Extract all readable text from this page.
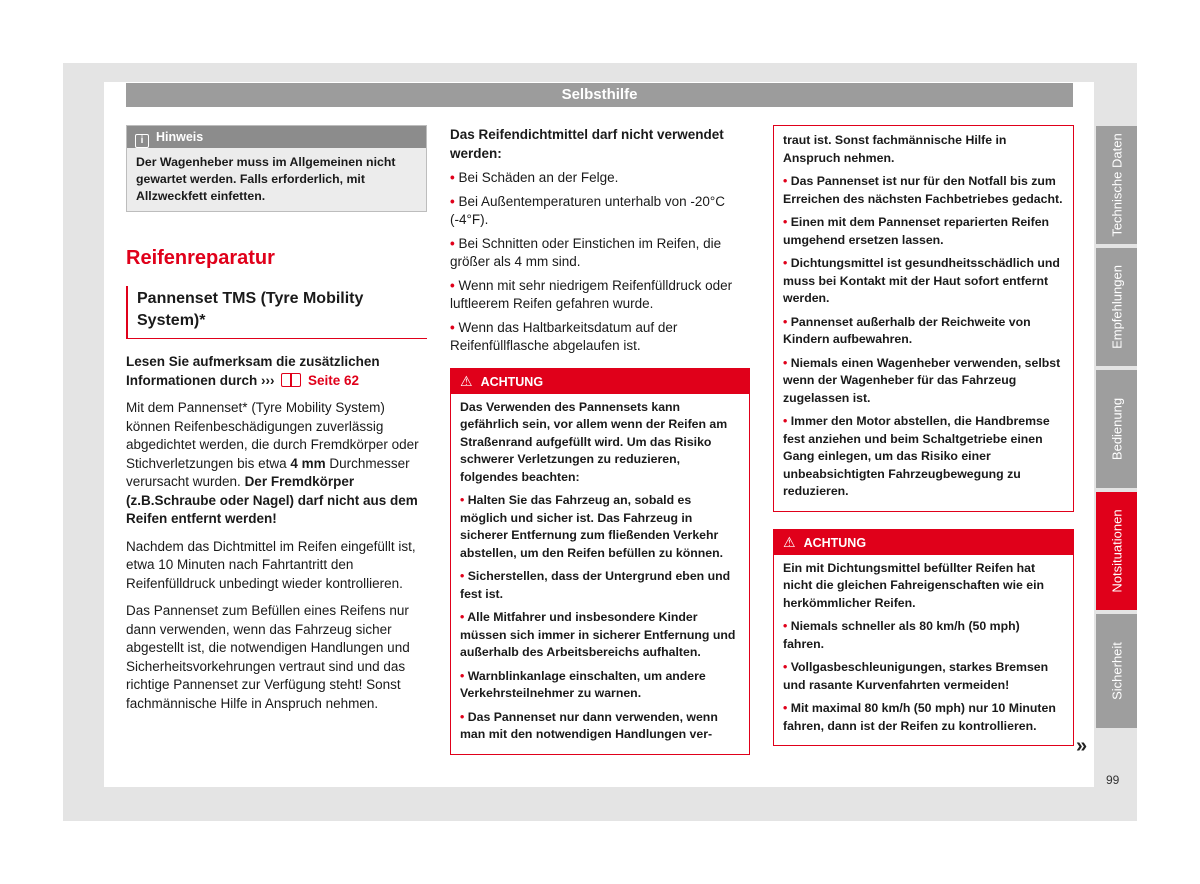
Selbsthilfe
i Hinweis
Der Wagenheber muss im Allgemeinen nicht gewartet werden. Falls erforderlich, mit Allzweckfett einfetten.
Reifenreparatur
Pannenset TMS (Tyre Mobility System)*

Lesen Sie aufmerksam die zusätzlichen Informationen durch ››› Seite 62

Mit dem Pannenset* (Tyre Mobility System) können Reifenbeschädigungen zuverlässig abgedichtet werden, die durch Fremdkörper oder Stichverletzungen bis etwa 4 mm Durchmesser verursacht wurden. Der Fremdkörper (z.B.Schraube oder Nagel) darf nicht aus dem Reifen entfernt werden!

Nachdem das Dichtmittel im Reifen eingefüllt ist, etwa 10 Minuten nach Fahrtantritt den Reifenfülldruck unbedingt wieder kontrollieren.

Das Pannenset zum Befüllen eines Reifens nur dann verwenden, wenn das Fahrzeug sicher abgestellt ist, die notwendigen Handlungen und Sicherheitsvorkehrungen vertraut sind und das richtige Pannenset zur Verfügung steht! Sonst fachmännische Hilfe in Anspruch nehmen.

Das Reifendichtmittel darf nicht verwendet werden:

• Bei Schäden an der Felge.
• Bei Außentemperaturen unterhalb von -20°C (-4°F).
• Bei Schnitten oder Einstichen im Reifen, die größer als 4 mm sind.
• Wenn mit sehr niedrigem Reifenfülldruck oder luftleerem Reifen gefahren wurde.
• Wenn das Haltbarkeitsdatum auf der Reifenfüllflasche abgelaufen ist.
⚠ ACHTUNG

Das Verwenden des Pannensets kann gefährlich sein, vor allem wenn der Reifen am Straßenrand aufgefüllt wird. Um das Risiko schwerer Verletzungen zu reduzieren, folgendes beachten:

• Halten Sie das Fahrzeug an, sobald es möglich und sicher ist. Das Fahrzeug in sicherer Entfernung zum fließenden Verkehr abstellen, um den Reifen befüllen zu können.

• Sicherstellen, dass der Untergrund eben und fest ist.

• Alle Mitfahrer und insbesondere Kinder müssen sich immer in sicherer Entfernung und außerhalb des Arbeitsbereichs aufhalten.

• Warnblinkanlage einschalten, um andere Verkehrsteilnehmer zu warnen.

• Das Pannenset nur dann verwenden, wenn man mit den notwendigen Handlungen ver-

traut ist. Sonst fachmännische Hilfe in Anspruch nehmen.

• Das Pannenset ist nur für den Notfall bis zum Erreichen des nächsten Fachbetriebes gedacht.

• Einen mit dem Pannenset reparierten Reifen umgehend ersetzen lassen.

• Dichtungsmittel ist gesundheitsschädlich und muss bei Kontakt mit der Haut sofort entfernt werden.

• Pannenset außerhalb der Reichweite von Kindern aufbewahren.

• Niemals einen Wagenheber verwenden, selbst wenn der Wagenheber für das Fahrzeug zugelassen ist.

• Immer den Motor abstellen, die Handbremse fest anziehen und beim Schaltgetriebe einen Gang einlegen, um das Risiko einer unbeabsichtigten Fahrzeugbewegung zu reduzieren.

⚠ ACHTUNG

Ein mit Dichtungsmittel befüllter Reifen hat nicht die gleichen Fahreigenschaften wie ein herkömmlicher Reifen.

• Niemals schneller als 80 km/h (50 mph) fahren.

• Vollgasbeschleunigungen, starkes Bremsen und rasante Kurvenfahrten vermeiden!

• Mit maximal 80 km/h (50 mph) nur 10 Minuten fahren, dann ist der Reifen zu kontrollieren.

»
Technische Daten
Empfehlungen
Bedienung
Notsituationen
Sicherheit
99
